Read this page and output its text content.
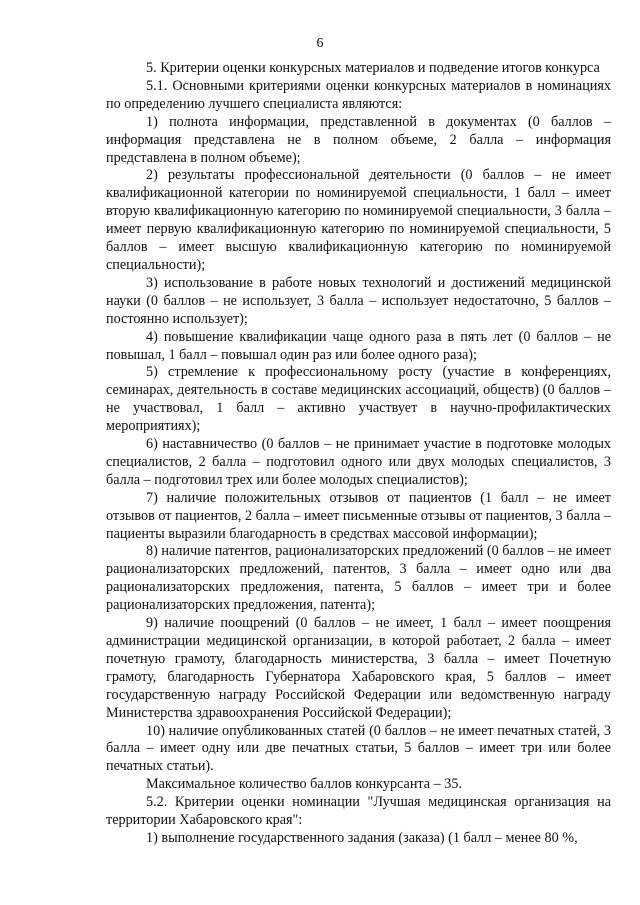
6

5. Критерии оценки конкурсных материалов и подведение итогов конкурса

5.1. Основными критериями оценки конкурсных материалов в номинациях по определению лучшего специалиста являются:

1) полнота информации, представленной в документах (0 баллов – информация представлена не в полном объеме, 2 балла – информация представлена в полном объеме);

2) результаты профессиональной деятельности (0 баллов – не имеет квалификационной категории по номинируемой специальности, 1 балл – имеет вторую квалификационную категорию по номинируемой специальности, 3 балла – имеет первую квалификационную категорию по номинируемой специальности, 5 баллов – имеет высшую квалификационную категорию по номинируемой специальности);

3) использование в работе новых технологий и достижений медицинской науки (0 баллов – не использует, 3 балла – использует недостаточно, 5 баллов – постоянно использует);

4) повышение квалификации чаще одного раза в пять лет (0 баллов – не повышал, 1 балл – повышал один раз или более одного раза);

5) стремление к профессиональному росту (участие в конференциях, семинарах, деятельность в составе медицинских ассоциаций, обществ) (0 баллов – не участвовал, 1 балл – активно участвует в научно-профилактических мероприятиях);

6) наставничество (0 баллов – не принимает участие в подготовке молодых специалистов, 2 балла – подготовил одного или двух молодых специалистов, 3 балла – подготовил трех или более молодых специалистов);

7) наличие положительных отзывов от пациентов (1 балл – не имеет отзывов от пациентов, 2 балла – имеет письменные отзывы от пациентов, 3 балла – пациенты выразили благодарность в средствах массовой информации);

8) наличие патентов, рационализаторских предложений (0 баллов – не имеет рационализаторских предложений, патентов, 3 балла – имеет одно или два рационализаторских предложения, патента, 5 баллов – имеет три и более рационализаторских предложения, патента);

9) наличие поощрений (0 баллов – не имеет, 1 балл – имеет поощрения администрации медицинской организации, в которой работает, 2 балла – имеет почетную грамоту, благодарность министерства, 3 балла – имеет Почетную грамоту, благодарность Губернатора Хабаровского края, 5 баллов – имеет государственную награду Российской Федерации или ведомственную награду Министерства здравоохранения Российской Федерации);

10) наличие опубликованных статей (0 баллов – не имеет печатных статей, 3 балла – имеет одну или две печатных статьи, 5 баллов – имеет три или более печатных статьи).

Максимальное количество баллов конкурсанта – 35.

5.2. Критерии оценки номинации "Лучшая медицинская организация на территории Хабаровского края":

1) выполнение государственного задания (заказа) (1 балл – менее 80 %,
